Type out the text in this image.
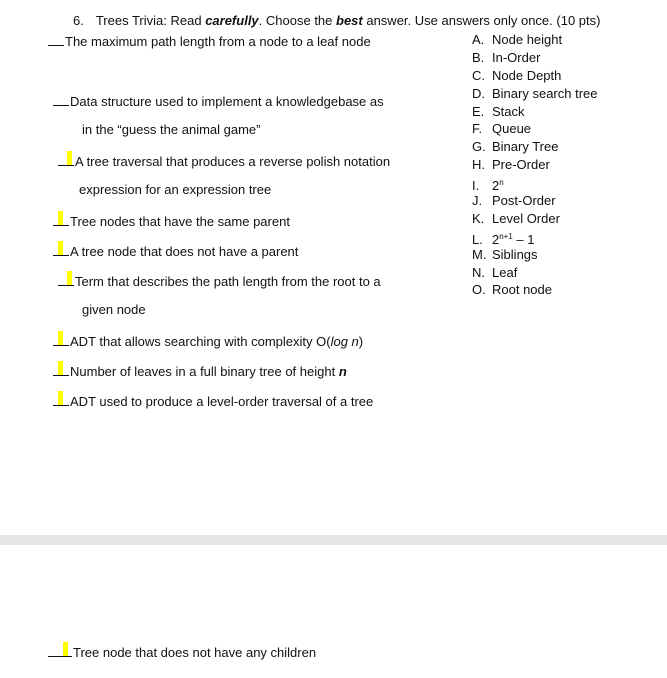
6. Trees Trivia: Read carefully. Choose the best answer. Use answers only once. (10 pts)
The maximum path length from a node to a leaf node
Data structure used to implement a knowledgebase as
in the “guess the animal game”
A tree traversal that produces a reverse polish notation
expression for an expression tree
Tree nodes that have the same parent
A tree node that does not have a parent
Term that describes the path length from the root to a
given node
ADT that allows searching with complexity O(log n)
Number of leaves in a full binary tree of height n
ADT used to produce a level-order traversal of a tree
A. Node height
B. In-Order
C. Node Depth
D. Binary search tree
E. Stack
F. Queue
G. Binary Tree
H. Pre-Order
I. 2$^n$
J. Post-Order
K. Level Order
L. $2^{n+1} - 1$
M. Siblings
N. Leaf
O. Root node
Tree node that does not have any children
